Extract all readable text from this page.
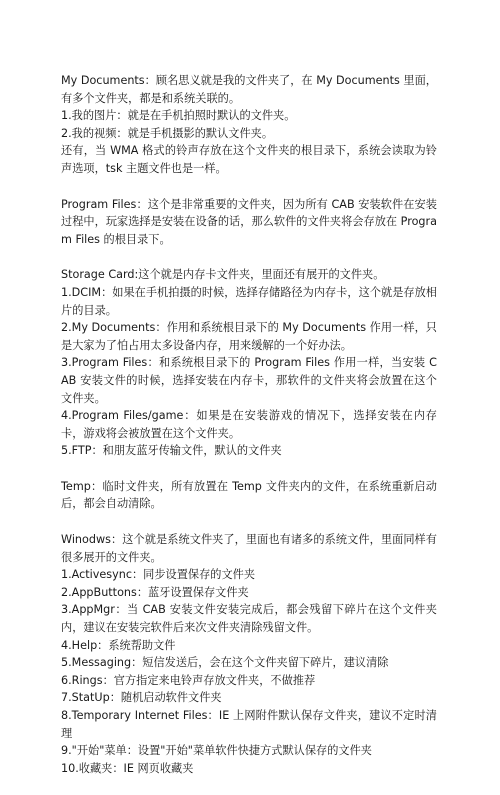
My Documents：顾名思义就是我的文件夹了，在 My Documents 里面，有多个文件夹，都是和系统关联的。

1.我的图片：就是在手机拍照时默认的文件夹。

2.我的视频：就是手机摄影的默认文件夹。

还有，当 WMA 格式的铃声存放在这个文件夹的根目录下，系统会读取为铃声选项，tsk 主题文件也是一样。

Program Files：这个是非常重要的文件夹，因为所有 CAB 安装软件在安装过程中，玩家选择是安装在设备的话，那么软件的文件夹将会存放在 Program Files 的根目录下。

Storage Card:这个就是内存卡文件夹，里面还有展开的文件夹。

1.DCIM：如果在手机拍摄的时候，选择存储路径为内存卡，这个就是存放相片的目录。

2.My Documents：作用和系统根目录下的 My Documents 作用一样，只是大家为了怕占用太多设备内存，用来缓解的一个好办法。

3.Program Files：和系统根目录下的 Program Files 作用一样，当安装 CAB 安装文件的时候，选择安装在内存卡，那软件的文件夹将会放置在这个文件夹。

4.Program Files/game：如果是在安装游戏的情况下，选择安装在内存卡，游戏将会被放置在这个文件夹。

5.FTP：和朋友蓝牙传输文件，默认的文件夹

Temp：临时文件夹，所有放置在 Temp 文件夹内的文件，在系统重新启动后，都会自动清除。

Winodws：这个就是系统文件夹了，里面也有诸多的系统文件，里面同样有很多展开的文件夹。

1.Activesync：同步设置保存的文件夹

2.AppButtons：蓝牙设置保存文件夹

3.AppMgr：当 CAB 安装文件安装完成后，都会残留下碎片在这个文件夹内，建议在安装完软件后来次文件夹清除残留文件。

4.Help：系统帮助文件

5.Messaging：短信发送后，会在这个文件夹留下碎片，建议清除

6.Rings：官方指定来电铃声存放文件夹，不做推荐

7.StatUp：随机启动软件文件夹

8.Temporary Internet Files：IE 上网附件默认保存文件夹，建议不定时清理

9."开始"菜单：设置"开始"菜单软件快捷方式默认保存的文件夹

10.收藏夹：IE 网页收藏夹
